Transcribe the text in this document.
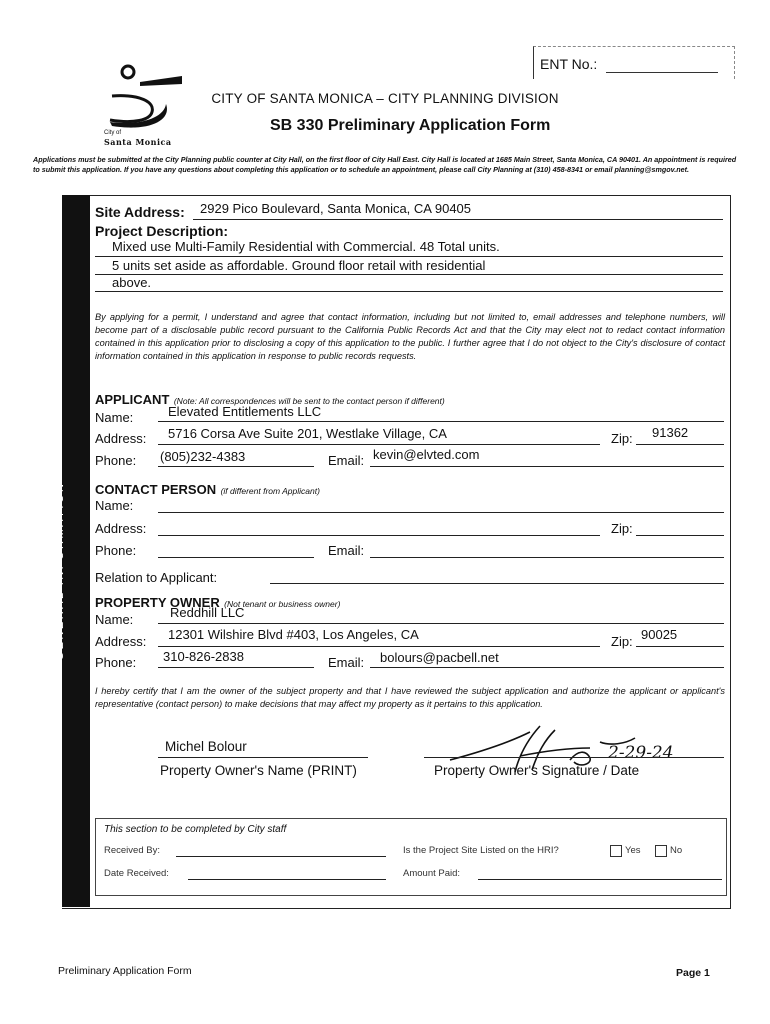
ENT No.:
City of
Santa Monica
CITY OF SANTA MONICA – CITY PLANNING DIVISION
SB 330 Preliminary Application Form
Applications must be submitted at the City Planning public counter at City Hall, on the first floor of City Hall East. City Hall is located at 1685 Main Street, Santa Monica, CA 90401. An appointment is required to submit this application. If you have any questions about completing this application or to schedule an appointment, please call City Planning at (310) 458-8341 or email planning@smgov.net.
GENERAL INFORMATION
Site Address: 2929 Pico Boulevard, Santa Monica, CA 90405
Project Description:
Mixed use Multi-Family Residential with Commercial. 48 Total units.
5 units set aside as affordable. Ground floor retail with residential
above.
By applying for a permit, I understand and agree that contact information, including but not limited to, email addresses and telephone numbers, will become part of a disclosable public record pursuant to the California Public Records Act and that the City may elect not to redact contact information contained in this application prior to disclosing a copy of this application to the public. I further agree that I do not object to the City's disclosure of contact information contained in this application in response to public records requests.
APPLICANT (Note: All correspondences will be sent to the contact person if different)
Name:	Elevated Entitlements LLC
Address: 5716 Corsa Ave Suite 201, Westlake Village, CA	Zip: 91362
Phone: (805)232-4383	Email: kevin@elvted.com
CONTACT PERSON (if different from Applicant)
Name:
Address:	Zip:
Phone:	Email:
Relation to Applicant:
PROPERTY OWNER (Not tenant or business owner)
Name:	Reddhill LLC
Address: 12301 Wilshire Blvd #403, Los Angeles, CA	Zip: 90025
Phone: 310-826-2838	Email: bolours@pacbell.net
I hereby certify that I am the owner of the subject property and that I have reviewed the subject application and authorize the applicant or applicant's representative (contact person) to make decisions that may affect my property as it pertains to this application.
Michel Bolour
Property Owner's Name (PRINT)
2-29-24
Property Owner's Signature / Date
This section to be completed by City staff
Received By:	Is the Project Site Listed on the HRI?	Yes	No
Date Received:	Amount Paid:
Preliminary Application Form	Page 1
